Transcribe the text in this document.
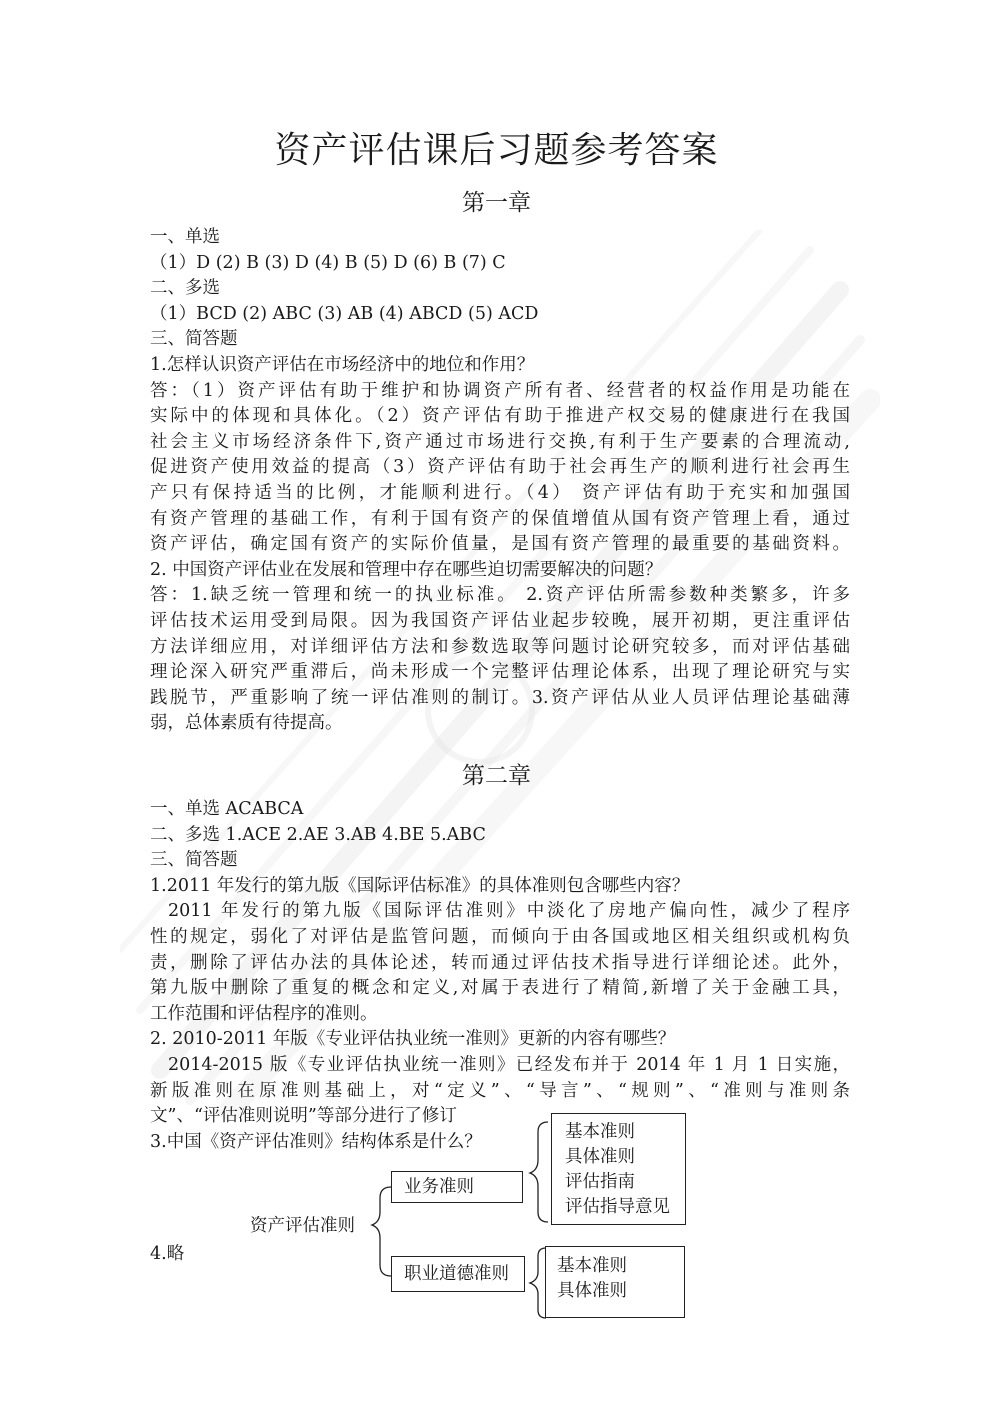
资产评估课后习题参考答案
第一章
一、单选
（1）D (2) B (3) D (4) B (5) D (6) B (7) C
二、多选
（1）BCD (2) ABC (3) AB (4) ABCD (5) ACD
三、简答题
1.怎样认识资产评估在市场经济中的地位和作用？
答：（1）资产评估有助于维护和协调资产所有者、经营者的权益作用是功能在
实际中的体现和具体化。（2）资产评估有助于推进产权交易的健康进行在我国
社会主义市场经济条件下,资产通过市场进行交换,有利于生产要素的合理流动,
促进资产使用效益的提高（3）资产评估有助于社会再生产的顺利进行社会再生
产只有保持适当的比例，才能顺利进行。（4） 资产评估有助于充实和加强国
有资产管理的基础工作，有利于国有资产的保值增值从国有资产管理上看，通过
资产评估，确定国有资产的实际价值量，是国有资产管理的最重要的基础资料。
2. 中国资产评估业在发展和管理中存在哪些迫切需要解决的问题？
答：1.缺乏统一管理和统一的执业标准。 2.资产评估所需参数种类繁多，许多
评估技术运用受到局限。因为我国资产评估业起步较晚，展开初期，更注重评估
方法详细应用，对详细评估方法和参数选取等问题讨论研究较多，而对评估基础
理论深入研究严重滞后，尚未形成一个完整评估理论体系，出现了理论研究与实
践脱节，严重影响了统一评估准则的制订。3.资产评估从业人员评估理论基础薄
弱，总体素质有待提高。
第二章
一、单选 ACABCA
二、多选 1.ACE 2.AE 3.AB 4.BE 5.ABC
三、简答题
1.2011 年发行的第九版《国际评估标准》的具体准则包含哪些内容？
2011 年发行的第九版《国际评估准则》中淡化了房地产偏向性，减少了程序
性的规定，弱化了对评估是监管问题，而倾向于由各国或地区相关组织或机构负
责，删除了评估办法的具体论述，转而通过评估技术指导进行详细论述。此外，
第九版中删除了重复的概念和定义,对属于表进行了精简,新增了关于金融工具，
工作范围和评估程序的准则。
2. 2010-2011 年版《专业评估执业统一准则》更新的内容有哪些？
2014-2015 版《专业评估执业统一准则》已经发布并于 2014 年 1 月 1 日实施，
新版准则在原准则基础上，对“定义”、“导言”、“规则”、“准则与准则条
文”、“评估准则说明”等部分进行了修订
3.中国《资产评估准则》结构体系是什么？
4.略
基本准则
具体准则
评估指南
评估指导意见
业务准则
资产评估准则
职业道德准则	基本准则
具体准则
